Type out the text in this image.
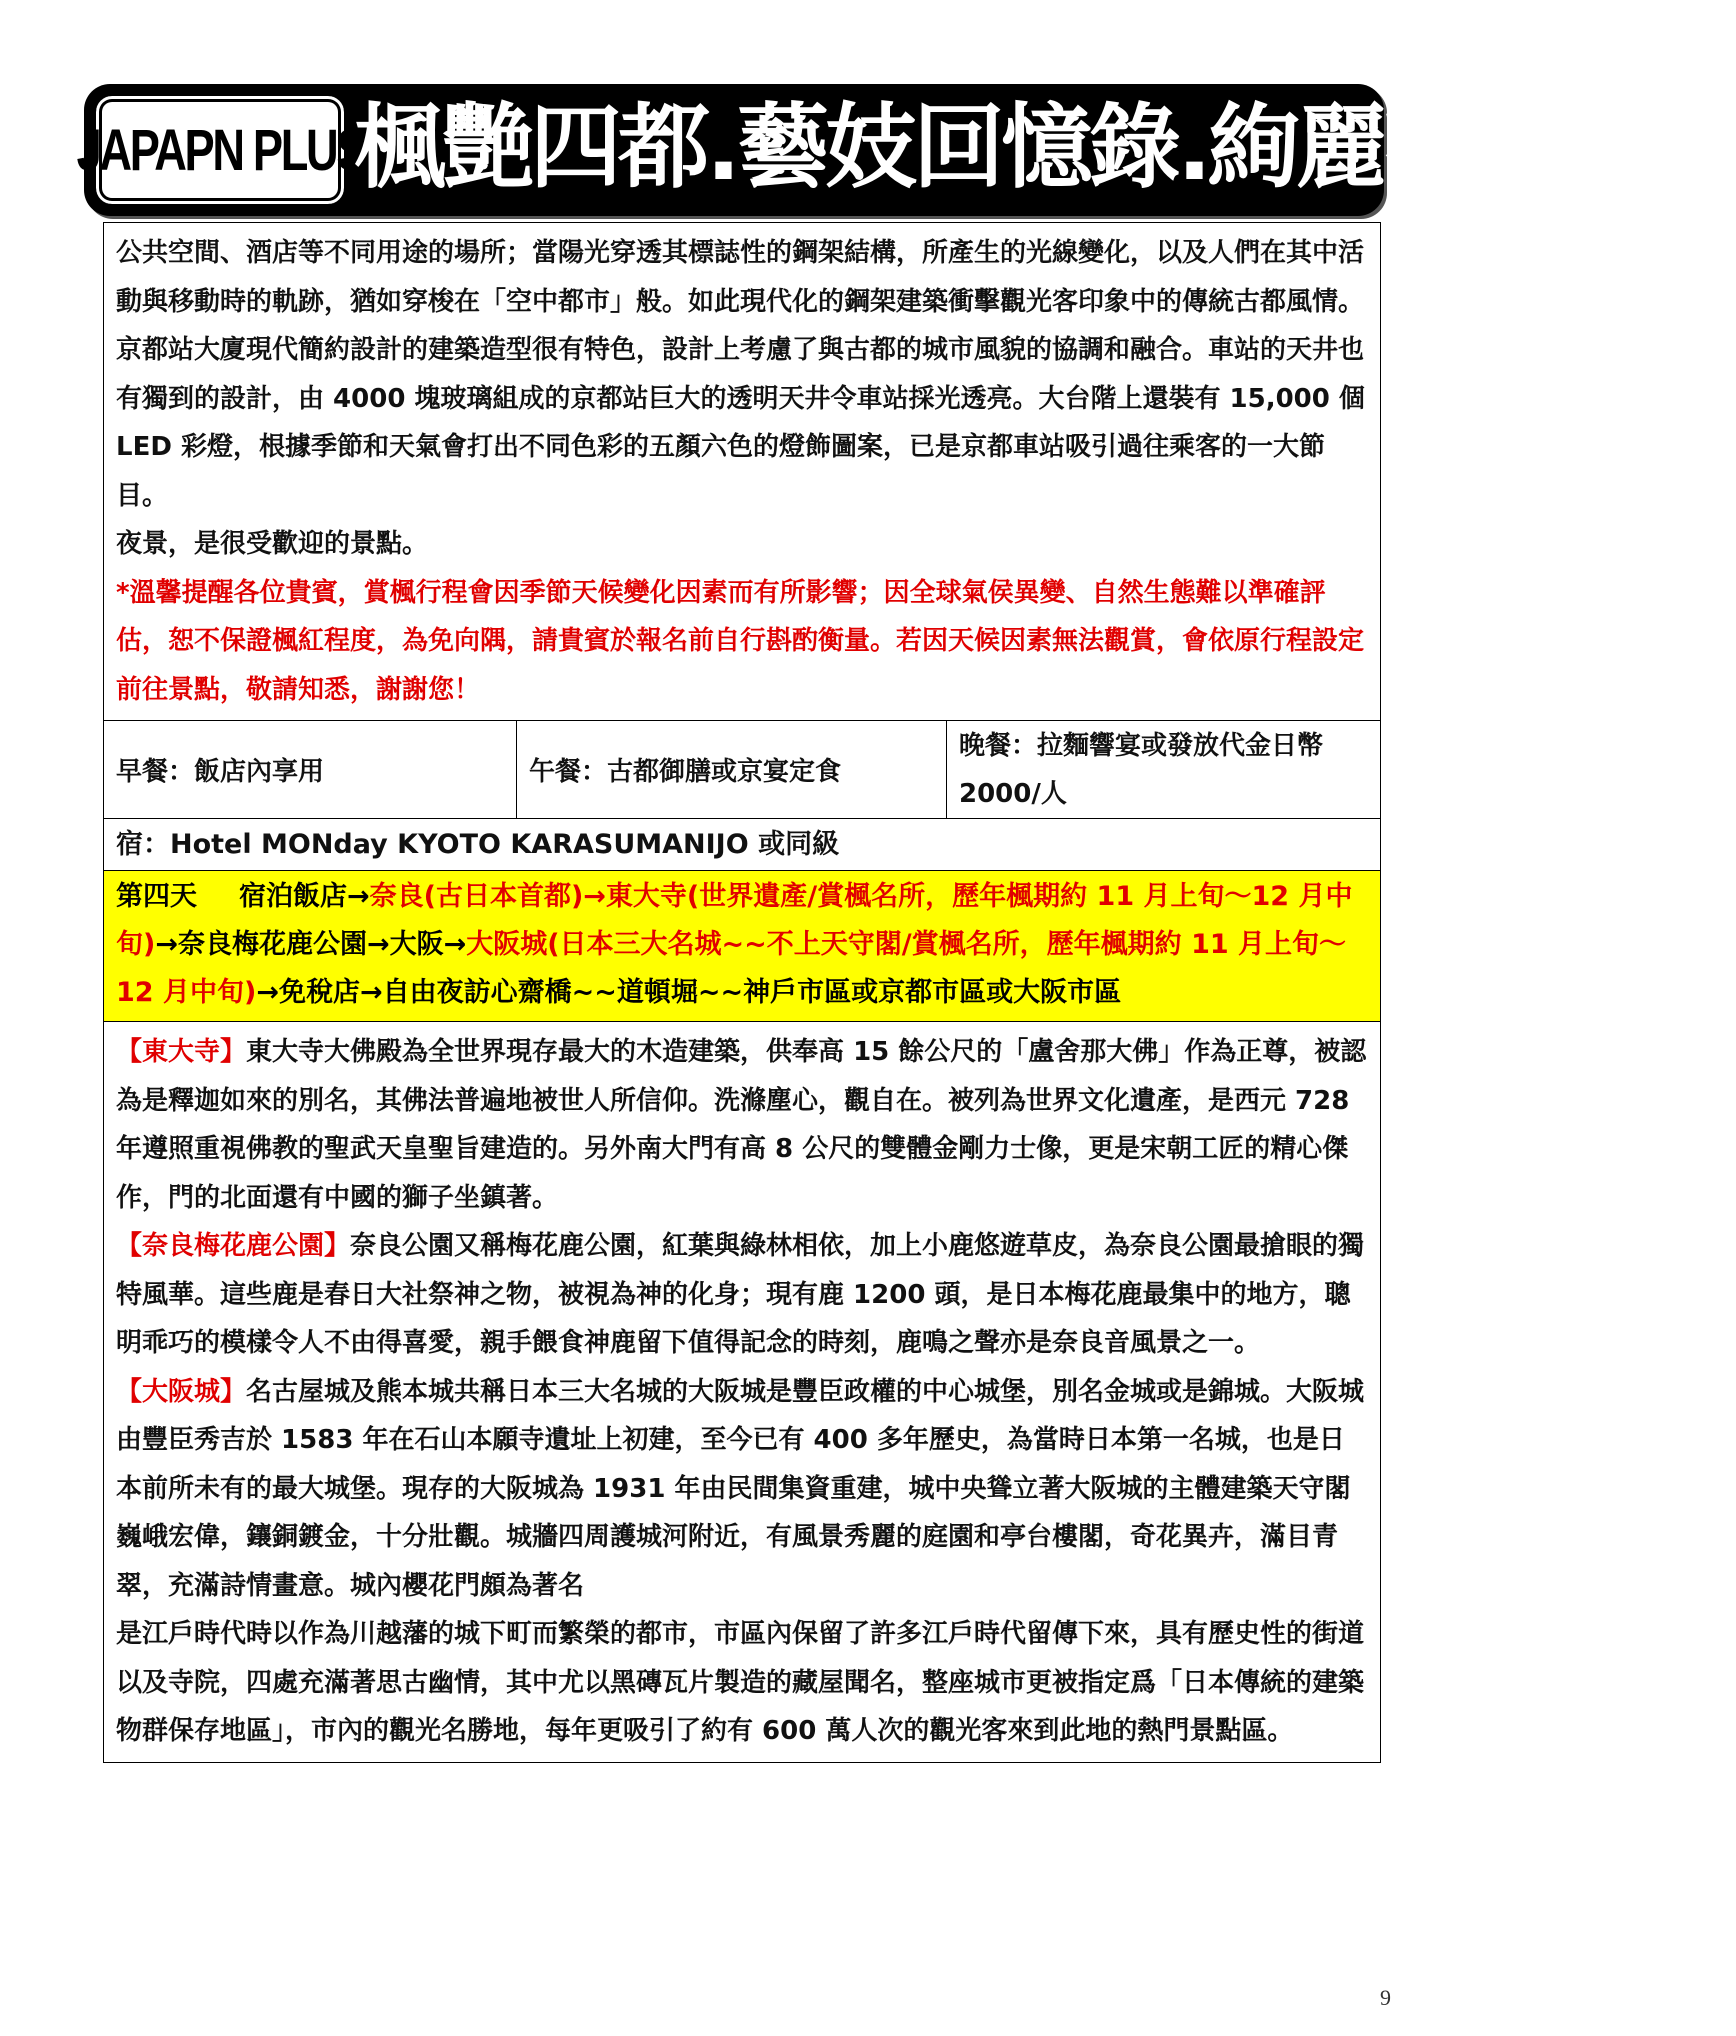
JAPAPN PLUS
楓艷四都.藝妓回憶錄.絢麗夜景五日

公共空間、酒店等不同用途的場所；當陽光穿透其標誌性的鋼架結構，所產生的光線變化，以及人們在其中活動與移動時的軌跡，猶如穿梭在「空中都市」般。如此現代化的鋼架建築衝擊觀光客印象中的傳統古都風情。

京都站大廈現代簡約設計的建築造型很有特色，設計上考慮了與古都的城市風貌的協調和融合。車站的天井也有獨到的設計，由 4000 塊玻璃組成的京都站巨大的透明天井令車站採光透亮。大台階上還裝有 15,000 個 LED 彩燈，根據季節和天氣會打出不同色彩的五顏六色的燈飾圖案，已是京都車站吸引過往乘客的一大節目。

夜景，是很受歡迎的景點。

*溫馨提醒各位貴賓，賞楓行程會因季節天候變化因素而有所影響；因全球氣侯異變、自然生態難以準確評估，恕不保證楓紅程度，為免向隅，請貴賓於報名前自行斟酌衡量。若因天候因素無法觀賞，會依原行程設定前往景點，敬請知悉，謝謝您！

早餐：飯店內享用	午餐：古都御膳或京宴定食
晚餐：拉麵響宴或發放代金日幣
2000/人
宿：Hotel MONday KYOTO KARASUMANIJO 或同級
第四天 宿泊飯店→奈良(古日本首都)→東大寺(世界遺產/賞楓名所，歷年楓期約 11 月上旬～12 月中旬)→奈良梅花鹿公園→大阪→大阪城(日本三大名城~~不上天守閣/賞楓名所，歷年楓期約 11 月上旬～12 月中旬)→免稅店→自由夜訪心齋橋~~道頓堀~~神戶市區或京都市區或大阪市區

【東大寺】東大寺大佛殿為全世界現存最大的木造建築，供奉高 15 餘公尺的「盧舍那大佛」作為正尊，被認為是釋迦如來的別名，其佛法普遍地被世人所信仰。洗滌塵心，觀自在。被列為世界文化遺產，是西元 728 年遵照重視佛教的聖武天皇聖旨建造的。另外南大門有高 8 公尺的雙體金剛力士像，更是宋朝工匠的精心傑作，門的北面還有中國的獅子坐鎮著。

【奈良梅花鹿公園】奈良公園又稱梅花鹿公園，紅葉與綠林相依，加上小鹿悠遊草皮，為奈良公園最搶眼的獨特風華。這些鹿是春日大社祭神之物，被視為神的化身；現有鹿 1200 頭，是日本梅花鹿最集中的地方，聰明乖巧的模樣令人不由得喜愛，親手餵食神鹿留下值得記念的時刻，鹿鳴之聲亦是奈良音風景之一。

【大阪城】名古屋城及熊本城共稱日本三大名城的大阪城是豐臣政權的中心城堡，別名金城或是錦城。大阪城由豐臣秀吉於 1583 年在石山本願寺遺址上初建，至今已有 400 多年歷史，為當時日本第一名城，也是日本前所未有的最大城堡。現存的大阪城為 1931 年由民間集資重建，城中央聳立著大阪城的主體建築天守閣巍峨宏偉，鑲銅鍍金，十分壯觀。城牆四周護城河附近，有風景秀麗的庭園和亭台樓閣，奇花異卉，滿目青翠，充滿詩情畫意。城內櫻花門頗為著名

是江戶時代時以作為川越藩的城下町而繁榮的都市，市區內保留了許多江戶時代留傳下來，具有歷史性的街道以及寺院，四處充滿著思古幽情，其中尤以黑磚瓦片製造的藏屋聞名，整座城市更被指定爲「日本傳統的建築物群保存地區」，市內的觀光名勝地，每年更吸引了約有 600 萬人次的觀光客來到此地的熱門景點區。

9
